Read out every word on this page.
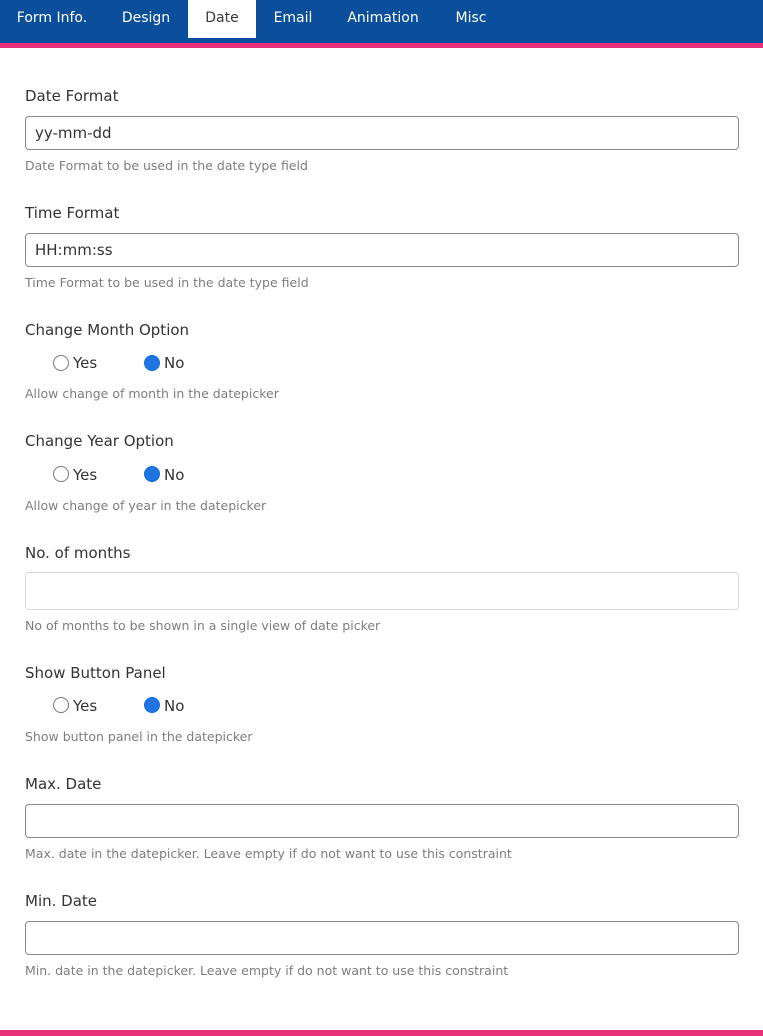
Form Info.	Design	Date	Email	Animation	Misc
Date Format
yy-mm-dd
Date Format to be used in the date type field
Time Format
HH:mm:ss
Time Format to be used in the date type field
Change Month Option
Yes	No
Allow change of month in the datepicker
Change Year Option
Yes	No
Allow change of year in the datepicker
No. of months
No of months to be shown in a single view of date picker
Show Button Panel
Yes	No
Show button panel in the datepicker
Max. Date
Max. date in the datepicker. Leave empty if do not want to use this constraint
Min. Date
Min. date in the datepicker. Leave empty if do not want to use this constraint
